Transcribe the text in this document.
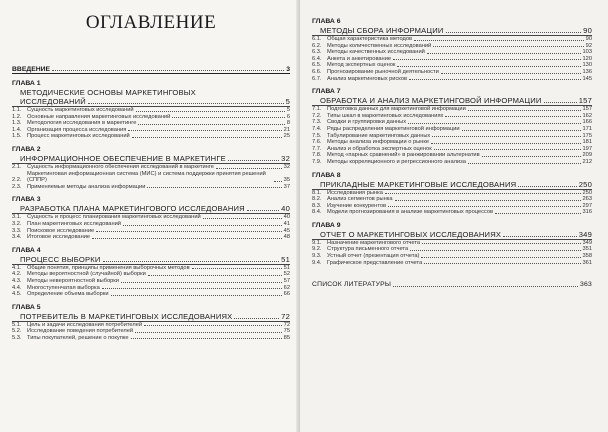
ОГЛАВЛЕНИЕ
ВВЕДЕНИЕ	3
ГЛАВА 1
МЕТОДИЧЕСКИЕ ОСНОВЫ МАРКЕТИНГОВЫХ
ИССЛЕДОВАНИЙ	5
1.1. Сущность маркетинговых исследований	5
1.2. Основные направления маркетинговых исследований	6
1.3. Методология исследования в маркетинге	8
1.4. Организация процесса исследования	21
1.5. Процесс маркетинговых исследований	25
ГЛАВА 2
ИНФОРМАЦИОННОЕ ОБЕСПЕЧЕНИЕ В МАРКЕТИНГЕ	32
2.1. Сущность информационного обеспечения исследований в маркетинге	32
2.2.
Маркетинговая информационная система (МИС) и система поддержки принятия решений (СППР)	35
2.3. Применяемые методы анализа информации	37
ГЛАВА 3
РАЗРАБОТКА ПЛАНА МАРКЕТИНГОВОГО ИССЛЕДОВАНИЯ	40
3.1. Сущность и процесс планирования маркетинговых исследований	40
3.2. План маркетинговых исследований	41
3.3. Поисковое исследование	45
3.4. Итоговое исследование	48
ГЛАВА 4
ПРОЦЕСС ВЫБОРКИ	51
4.1. Общие понятия, принципы применения выборочных методов	51
4.2. Методы вероятностной (случайной) выборки	52
4.3. Методы невероятностной выборки	57
4.4. Многоступенчатая выборка	62
4.5. Определение объема выборки	66
ГЛАВА 5
ПОТРЕБИТЕЛЬ В МАРКЕТИНГОВЫХ ИССЛЕДОВАНИЯХ	72
5.1. Цель и задачи исследования потребителей	72
5.2. Исследование поведения потребителей	75
5.3. Типы покупателей, решение о покупке	85
ГЛАВА 6
МЕТОДЫ СБОРА ИНФОРМАЦИИ	90
6.1. Общая характеристика методов	90
6.2. Методы количественных исследований	92
6.3. Методы качественных исследований	103
6.4. Анкета и анкетирование	120
6.5. Метод экспертных оценок	130
6.6. Прогнозирование рыночной деятельности	136
6.7. Анализ маркетинговых рисков	145
ГЛАВА 7
ОБРАБОТКА И АНАЛИЗ МАРКЕТИНГОВОЙ ИНФОРМАЦИИ	157
7.1. Подготовка данных для маркетинговой информации	157
7.2. Типы шкал в маркетинговых исследованиях	162
7.3. Сводки и группировки данных	166
7.4. Ряды распределения маркетинговой информации	171
7.5. Табулирование маркетинговых данных	175
7.6. Методы анализа информации о рынке	181
7.7. Анализ и обработка экспертных оценок	197
7.8. Метод «парных сравнений» в ранжировании альтернатив	209
7.9. Методы корреляционного и регрессионного анализа	212
ГЛАВА 8
ПРИКЛАДНЫЕ МАРКЕТИНГОВЫЕ ИССЛЕДОВАНИЯ	250
8.1. Исследования рынка	250
8.2. Анализ сегментов рынка	263
8.3. Изучение конкурентов	297
8.4. Модели прогнозирования в анализе маркетинговых процессов	316
ГЛАВА 9
ОТЧЕТ О МАРКЕТИНГОВЫХ ИССЛЕДОВАНИЯХ	349
9.1. Назначение маркетингового отчета	349
9.2. Структура письменного отчета	351
9.3. Устный отчет (презентация отчета)	358
9.4. Графическое представление отчета	361
СПИСОК ЛИТЕРАТУРЫ	363
